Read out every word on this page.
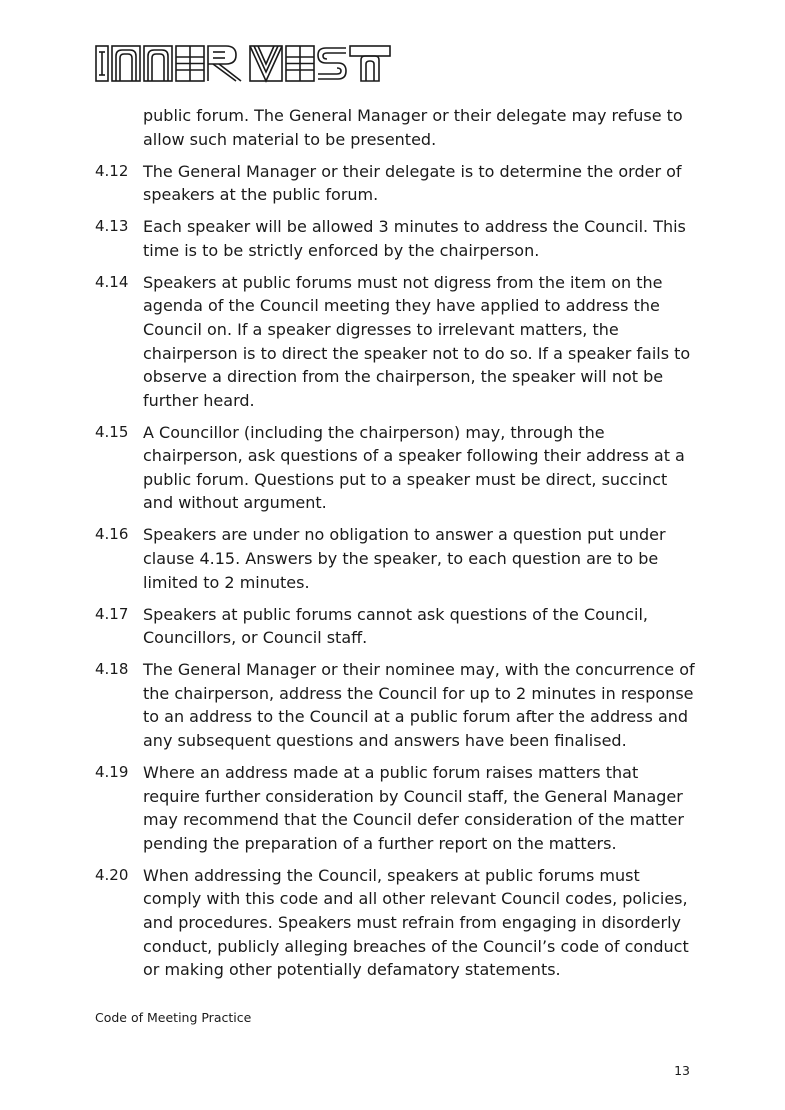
public forum. The General Manager or their delegate may refuse to allow such material to be presented.
4.12 The General Manager or their delegate is to determine the order of speakers at the public forum.
4.13 Each speaker will be allowed 3 minutes to address the Council. This time is to be strictly enforced by the chairperson.
4.14 Speakers at public forums must not digress from the item on the agenda of the Council meeting they have applied to address the Council on. If a speaker digresses to irrelevant matters, the chairperson is to direct the speaker not to do so. If a speaker fails to observe a direction from the chairperson, the speaker will not be further heard.
4.15 A Councillor (including the chairperson) may, through the chairperson, ask questions of a speaker following their address at a public forum. Questions put to a speaker must be direct, succinct and without argument.
4.16 Speakers are under no obligation to answer a question put under clause 4.15. Answers by the speaker, to each question are to be limited to 2 minutes.
4.17 Speakers at public forums cannot ask questions of the Council, Councillors, or Council staff.
4.18 The General Manager or their nominee may, with the concurrence of the chairperson, address the Council for up to 2 minutes in response to an address to the Council at a public forum after the address and any subsequent questions and answers have been finalised.
4.19 Where an address made at a public forum raises matters that require further consideration by Council staff, the General Manager may recommend that the Council defer consideration of the matter pending the preparation of a further report on the matters.
4.20 When addressing the Council, speakers at public forums must comply with this code and all other relevant Council codes, policies, and procedures. Speakers must refrain from engaging in disorderly conduct, publicly alleging breaches of the Council’s code of conduct or making other potentially defamatory statements.
Code of Meeting Practice
13
